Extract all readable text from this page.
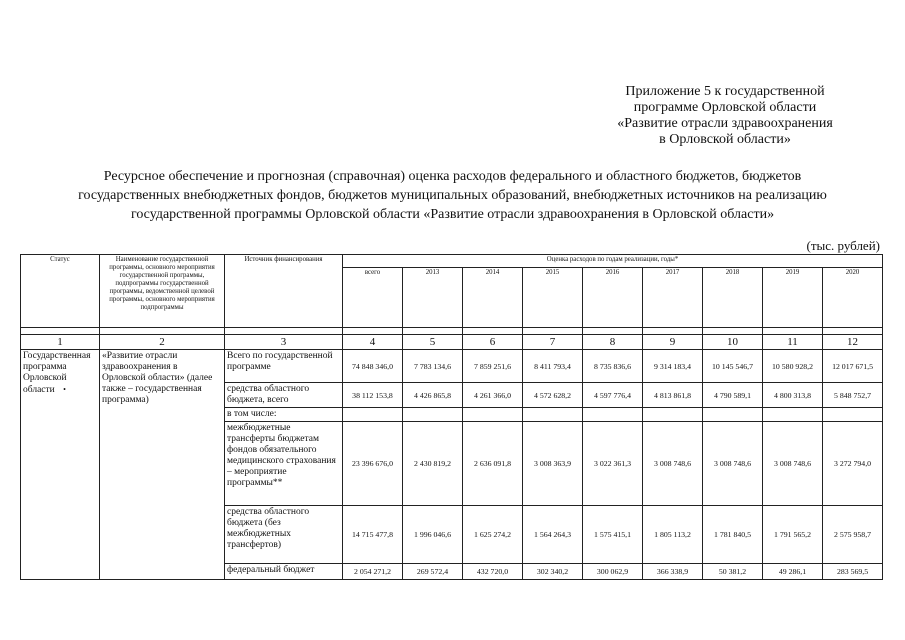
Приложение 5 к государственной
программе Орловской области
«Развитие отрасли здравоохранения
в Орловской области»
Ресурсное обеспечение и прогнозная (справочная) оценка расходов федерального и областного бюджетов, бюджетов
государственных внебюджетных фондов, бюджетов муниципальных образований, внебюджетных источников на реализацию
государственной программы Орловской области «Развитие отрасли здравоохранения в Орловской области»
(тыс. рублей)
Статус	Наименование государственной программы, основного мероприятия государственной программы, подпрограммы государственной программы, ведомственной целевой программы, основного мероприятия подпрограммы	Источник финансирования	Оценка расходов по годам реализации, годы*								
			всего	2013	2014	2015	2016	2017	2018	2019	2020

1	2	3	4	5	6	7	8	9	10	11	12
Государственная программа Орловской области •	«Развитие отрасли здравоохранения в Орловской области» (далее также – государственная программа)	Всего по государственной программе	74 848 346,0	7 783 134,6	7 859 251,6	8 411 793,4	8 735 836,6	9 314 183,4	10 145 546,7	10 580 928,2	12 017 671,5
		средства областного бюджета, всего	38 112 153,8	4 426 865,8	4 261 366,0	4 572 628,2	4 597 776,4	4 813 861,8	4 790 589,1	4 800 313,8	5 848 752,7
		в том числе:									
		межбюджетные трансферты бюджетам фондов обязательного медицинского страхования – мероприятие программы**	23 396 676,0	2 430 819,2	2 636 091,8	3 008 363,9	3 022 361,3	3 008 748,6	3 008 748,6	3 008 748,6	3 272 794,0
		средства областного бюджета (без межбюджетных трансфертов)	14 715 477,8	1 996 046,6	1 625 274,2	1 564 264,3	1 575 415,1	1 805 113,2	1 781 840,5	1 791 565,2	2 575 958,7
		федеральный бюджет	2 054 271,2	269 572,4	432 720,0	302 340,2	300 062,9	366 338,9	50 381,2	49 286,1	283 569,5
